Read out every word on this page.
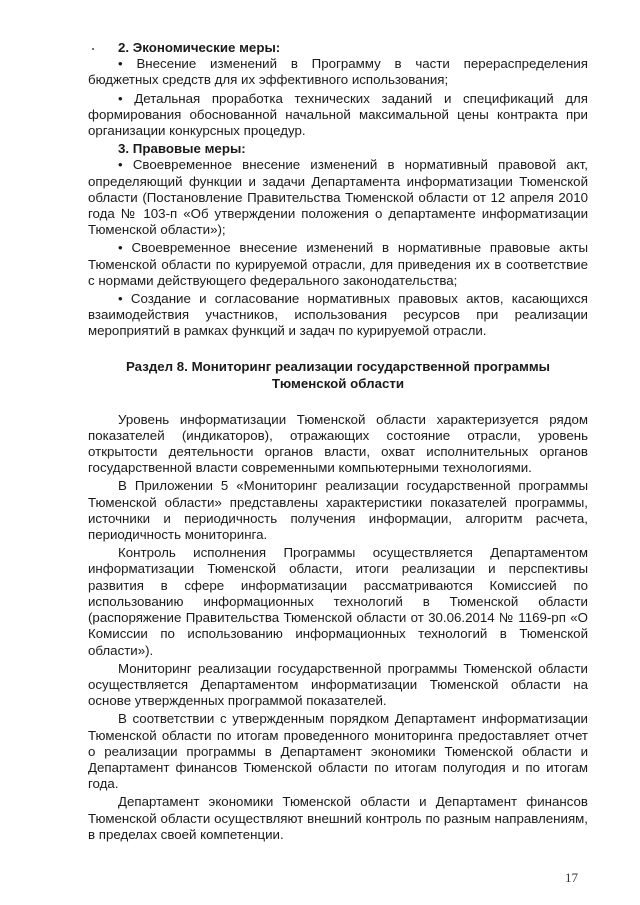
2. Экономические меры:

• Внесение изменений в Программу в части перераспределения бюджетных средств для их эффективного использования;

• Детальная проработка технических заданий и спецификаций для формирования обоснованной начальной максимальной цены контракта при организации конкурсных процедур.

3. Правовые меры:

• Своевременное внесение изменений в нормативный правовой акт, определяющий функции и задачи Департамента информатизации Тюменской области (Постановление Правительства Тюменской области от 12 апреля 2010 года № 103-п «Об утверждении положения о департаменте информатизации Тюменской области»);

• Своевременное внесение изменений в нормативные правовые акты Тюменской области по курируемой отрасли, для приведения их в соответствие с нормами действующего федерального законодательства;

• Создание и согласование нормативных правовых актов, касающихся взаимодействия участников, использования ресурсов при реализации мероприятий в рамках функций и задач по курируемой отрасли.

Раздел 8. Мониторинг реализации государственной программы Тюменской области

Уровень информатизации Тюменской области характеризуется рядом показателей (индикаторов), отражающих состояние отрасли, уровень открытости деятельности органов власти, охват исполнительных органов государственной власти современными компьютерными технологиями.

В Приложении 5 «Мониторинг реализации государственной программы Тюменской области» представлены характеристики показателей программы, источники и периодичность получения информации, алгоритм расчета, периодичность мониторинга.

Контроль исполнения Программы осуществляется Департаментом информатизации Тюменской области, итоги реализации и перспективы развития в сфере информатизации рассматриваются Комиссией по использованию информационных технологий в Тюменской области (распоряжение Правительства Тюменской области от 30.06.2014 № 1169-рп «О Комиссии по использованию информационных технологий в Тюменской области»).

Мониторинг реализации государственной программы Тюменской области осуществляется Департаментом информатизации Тюменской области на основе утвержденных программой показателей.

В соответствии с утвержденным порядком Департамент информатизации Тюменской области по итогам проведенного мониторинга предоставляет отчет о реализации программы в Департамент экономики Тюменской области и Департамент финансов Тюменской области по итогам полугодия и по итогам года.

Департамент экономики Тюменской области и Департамент финансов Тюменской области осуществляют внешний контроль по разным направлениям, в пределах своей компетенции.

17
